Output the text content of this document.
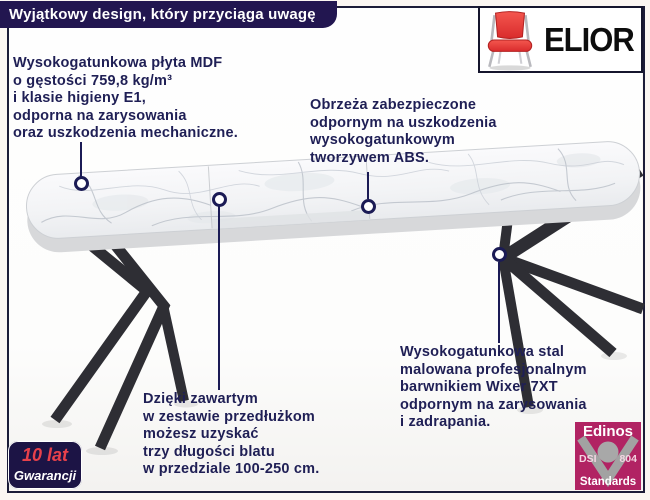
Wysokogatunkowa płyta MDF
o gęstości 759,8 kg/m³
i klasie higieny E1,
odporna na zarysowania
oraz uszkodzenia mechaniczne.
Obrzeża zabezpieczone
odpornym na uszkodzenia
wysokogatunkowym
tworzywem ABS.
Wysokogatunkowa stal
malowana profesjonalnym
barwnikiem Wixer 7XT
odpornym na zarysowania
i zadrapania.
Dzięki zawartym
w zestawie przedłużkom
możesz uzyskać
trzy długości blatu
w przedziale 100-250 cm.
Wyjątkowy design, który przyciąga uwagę
ELIOR
10 lat
Gwarancji
Edinos
DSI 804
Standards
